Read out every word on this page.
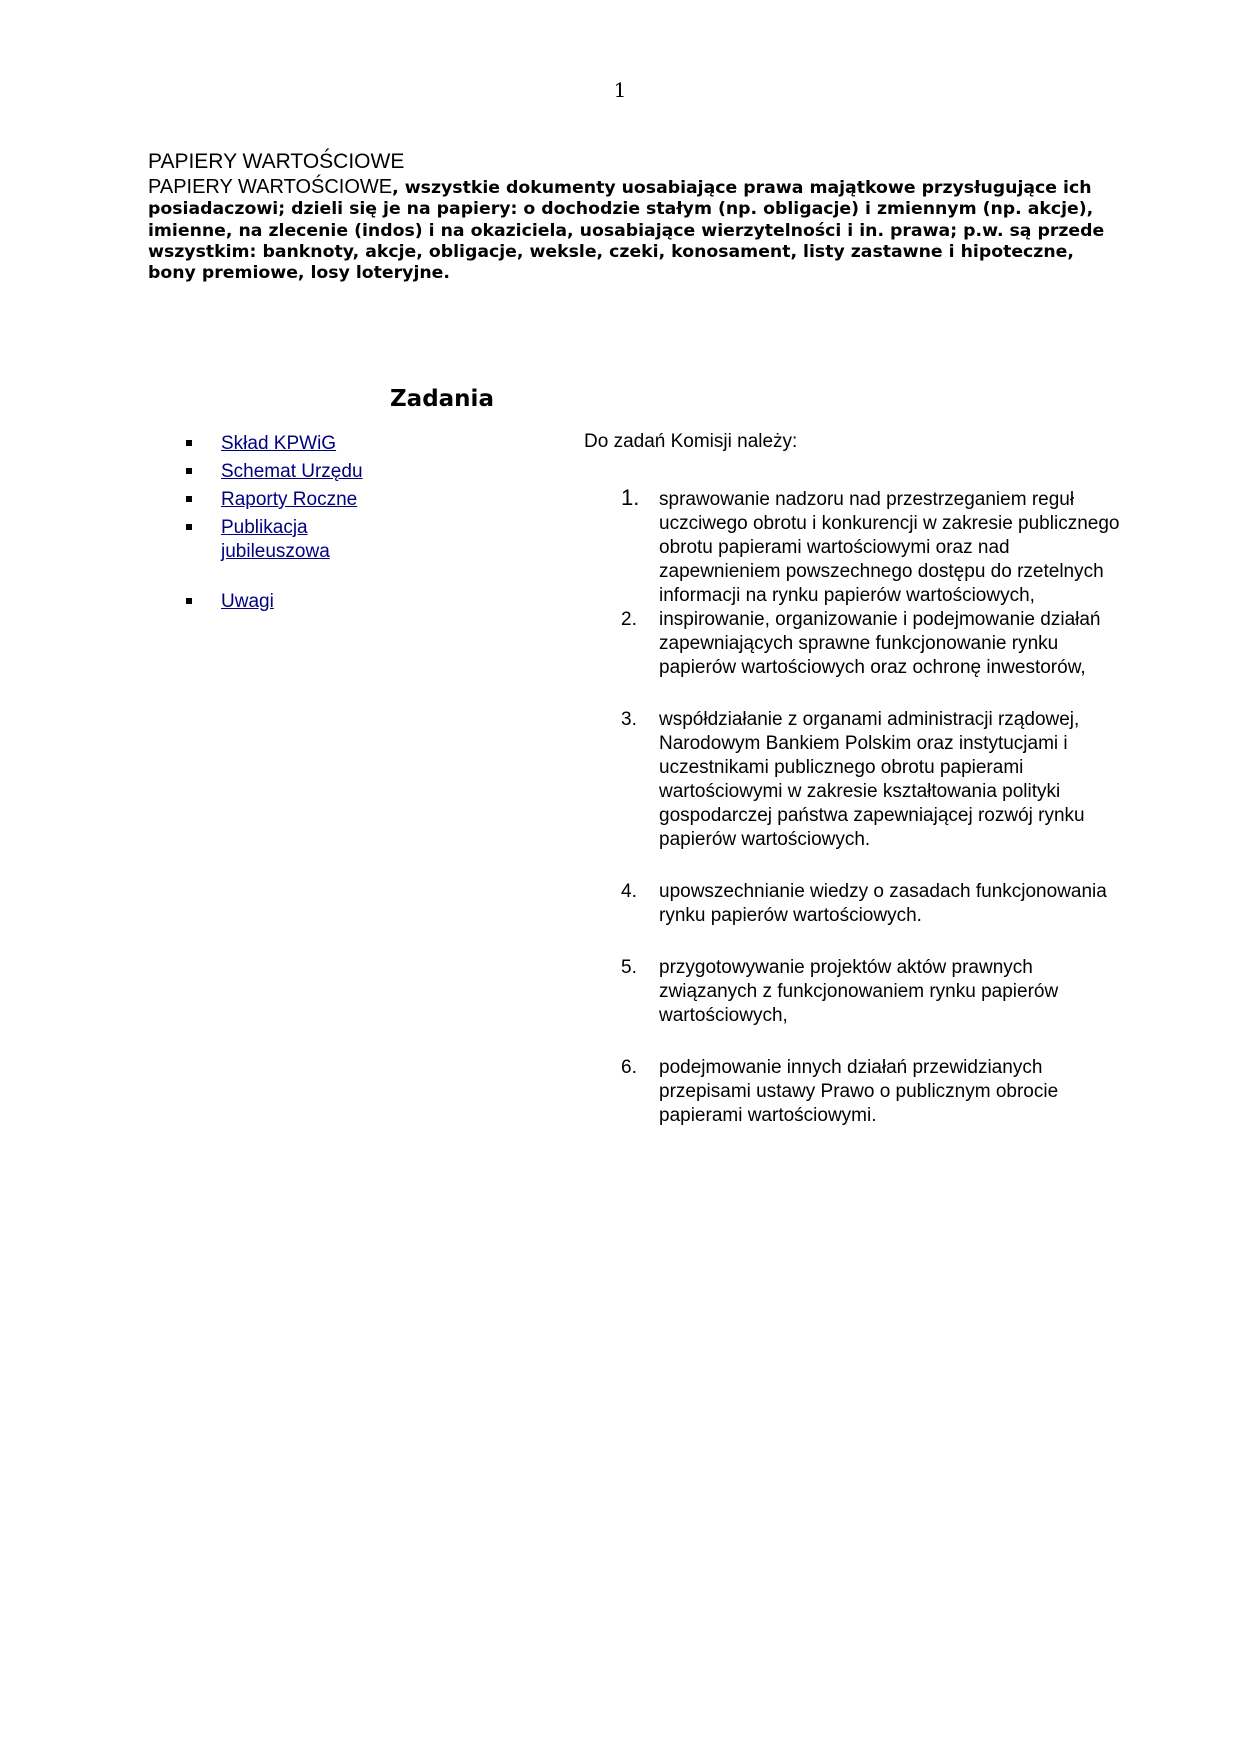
1
PAPIERY WARTOŚCIOWE
PAPIERY WARTOŚCIOWE, wszystkie dokumenty uosabiające prawa majątkowe przysługujące ich posiadaczowi; dzieli się je na papiery: o dochodzie stałym (np. obligacje) i zmiennym (np. akcje), imienne, na zlecenie (indos) i na okaziciela, uosabiające wierzytelności i in. prawa; p.w. są przede wszystkim: banknoty, akcje, obligacje, weksle, czeki, konosament, listy zastawne i hipoteczne, bony premiowe, losy loteryjne.
Zadania
Skład KPWiG
Schemat Urzędu
Raporty Roczne
Publikacja jubileuszowa
Uwagi
Do zadań Komisji należy:
1. sprawowanie nadzoru nad przestrzeganiem reguł uczciwego obrotu i konkurencji w zakresie publicznego obrotu papierami wartościowymi oraz nad zapewnieniem powszechnego dostępu do rzetelnych informacji na rynku papierów wartościowych,
2. inspirowanie, organizowanie i podejmowanie działań zapewniających sprawne funkcjonowanie rynku papierów wartościowych oraz ochronę inwestorów,
3. współdziałanie z organami administracji rządowej, Narodowym Bankiem Polskim oraz instytucjami i uczestnikami publicznego obrotu papierami wartościowymi w zakresie kształtowania polityki gospodarczej państwa zapewniającej rozwój rynku papierów wartościowych.
4. upowszechnianie wiedzy o zasadach funkcjonowania rynku papierów wartościowych.
5. przygotowywanie projektów aktów prawnych związanych z funkcjonowaniem rynku papierów wartościowych,
6. podejmowanie innych działań przewidzianych przepisami ustawy Prawo o publicznym obrocie papierami wartościowymi.
